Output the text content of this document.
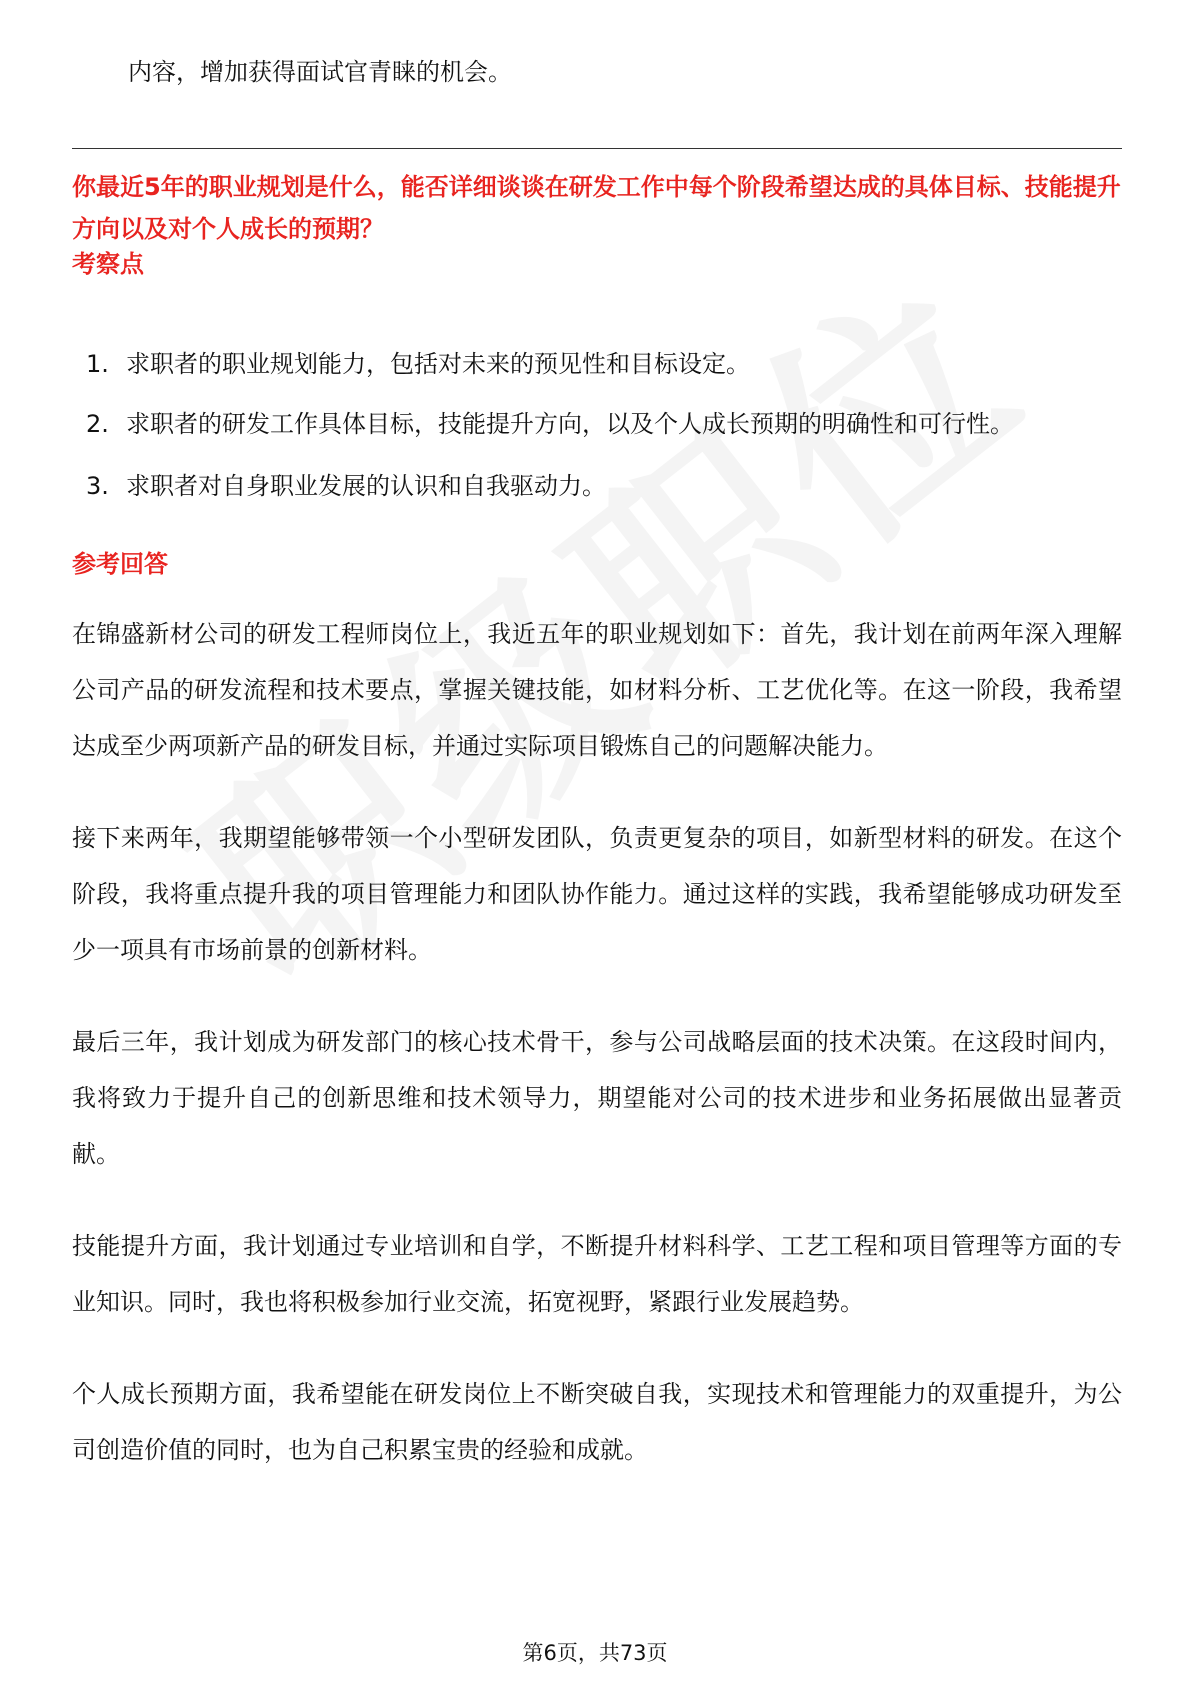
内容，增加获得面试官青睐的机会。
你最近5年的职业规划是什么，能否详细谈谈在研发工作中每个阶段希望达成的具体目标、技能提升方向以及对个人成长的预期？
考察点
1. 求职者的职业规划能力，包括对未来的预见性和目标设定。
2. 求职者的研发工作具体目标，技能提升方向，以及个人成长预期的明确性和可行性。
3. 求职者对自身职业发展的认识和自我驱动力。
参考回答

在锦盛新材公司的研发工程师岗位上，我近五年的职业规划如下：首先，我计划在前两年深入理解公司产品的研发流程和技术要点，掌握关键技能，如材料分析、工艺优化等。在这一阶段，我希望达成至少两项新产品的研发目标，并通过实际项目锻炼自己的问题解决能力。

接下来两年，我期望能够带领一个小型研发团队，负责更复杂的项目，如新型材料的研发。在这个阶段，我将重点提升我的项目管理能力和团队协作能力。通过这样的实践，我希望能够成功研发至少一项具有市场前景的创新材料。

最后三年，我计划成为研发部门的核心技术骨干，参与公司战略层面的技术决策。在这段时间内，我将致力于提升自己的创新思维和技术领导力，期望能对公司的技术进步和业务拓展做出显著贡献。

技能提升方面，我计划通过专业培训和自学，不断提升材料科学、工艺工程和项目管理等方面的专业知识。同时，我也将积极参加行业交流，拓宽视野，紧跟行业发展趋势。

个人成长预期方面，我希望能在研发岗位上不断突破自我，实现技术和管理能力的双重提升，为公司创造价值的同时，也为自己积累宝贵的经验和成就。

第6页，共73页
